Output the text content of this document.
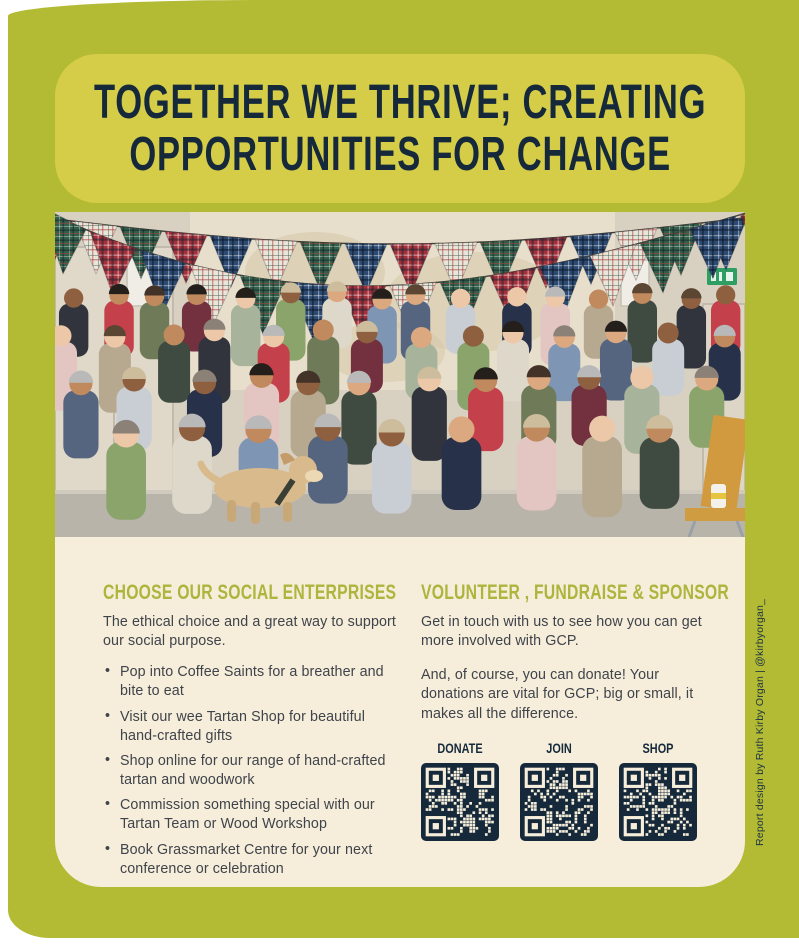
TOGETHER WE THRIVE; CREATING
OPPORTUNITIES FOR CHANGE
CHOOSE OUR SOCIAL ENTERPRISES

The ethical choice and a great way to support our social purpose.

• Pop into Coffee Saints for a breather and bite to eat
• Visit our wee Tartan Shop for beautiful hand-crafted gifts
• Shop online for our range of hand-crafted tartan and woodwork
• Commission something special with our Tartan Team or Wood Workshop
• Book Grassmarket Centre for your next conference or celebration
VOLUNTEER , FUNDRAISE & SPONSOR

Get in touch with us to see how you can get more involved with GCP.

And, of course, you can donate! Your donations are vital for GCP; big or small, it makes all the difference.

DONATE	JOIN	SHOP	Report design by Ruth Kirby Organ | @kirbyorgan_
